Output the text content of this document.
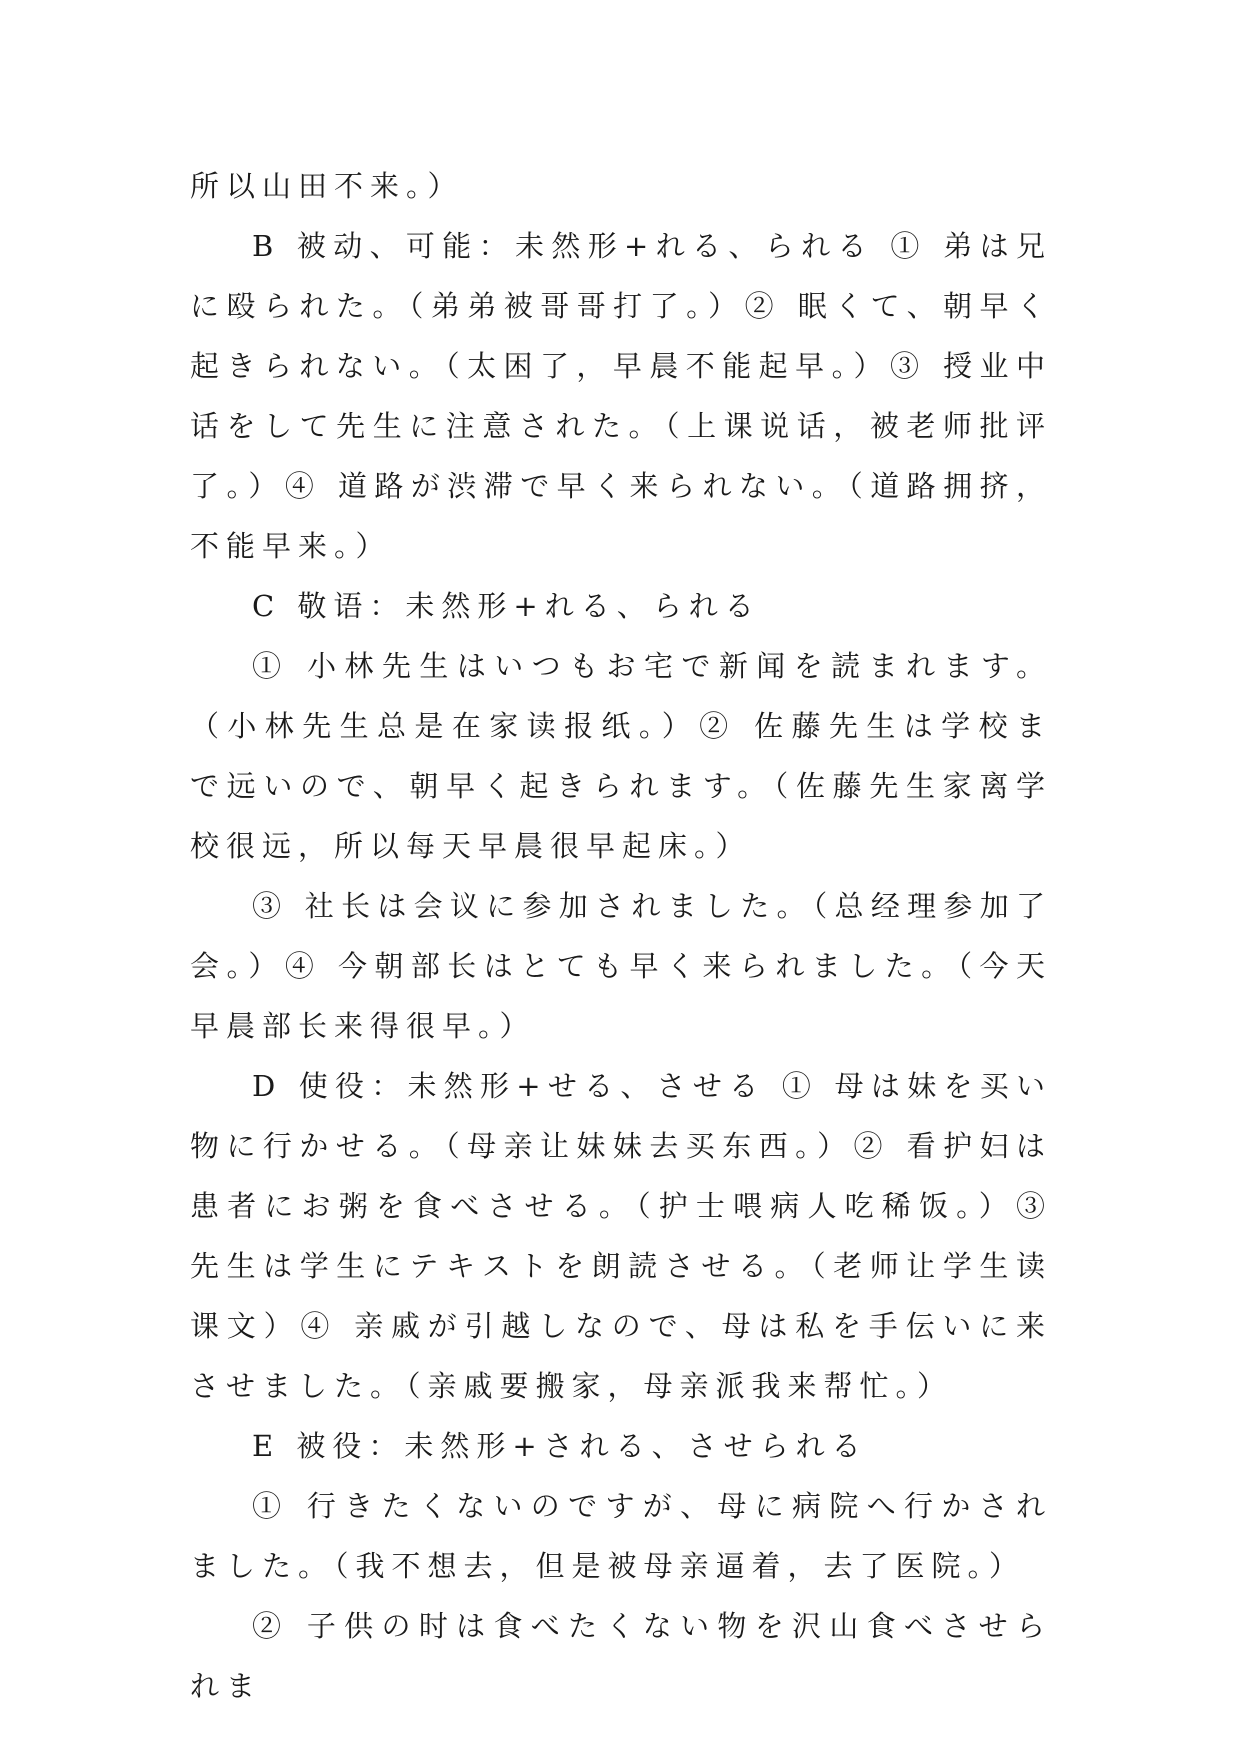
所以山田不来。）

B 被动、可能：未然形+れる、られる ① 弟は兄に殴られた。（弟弟被哥哥打了。）② 眠くて、朝早く起きられない。（太困了，早晨不能起早。）③ 授业中话をして先生に注意された。（上课说话，被老师批评了。）④ 道路が渋滞で早く来られない。（道路拥挤，不能早来。）

C 敬语：未然形+れる、られる

① 小林先生はいつもお宅で新闻を読まれます。（小林先生总是在家读报纸。）② 佐藤先生は学校まで远いので、朝早く起きられます。（佐藤先生家离学校很远，所以每天早晨很早起床。）

③ 社长は会议に参加されました。（总经理参加了会。）④ 今朝部长はとても早く来られました。（今天早晨部长来得很早。）

D 使役：未然形+せる、させる ① 母は妹を买い物に行かせる。（母亲让妹妹去买东西。）② 看护妇は患者にお粥を食べさせる。（护士喂病人吃稀饭。）③ 先生は学生にテキストを朗読させる。（老师让学生读课文）④ 亲戚が引越しなので、母は私を手伝いに来させました。（亲戚要搬家，母亲派我来帮忙。）

E 被役：未然形+される、させられる

① 行きたくないのですが、母に病院へ行かされました。（我不想去，但是被母亲逼着，去了医院。）

② 子供の时は食べたくない物を沢山食べさせられま
